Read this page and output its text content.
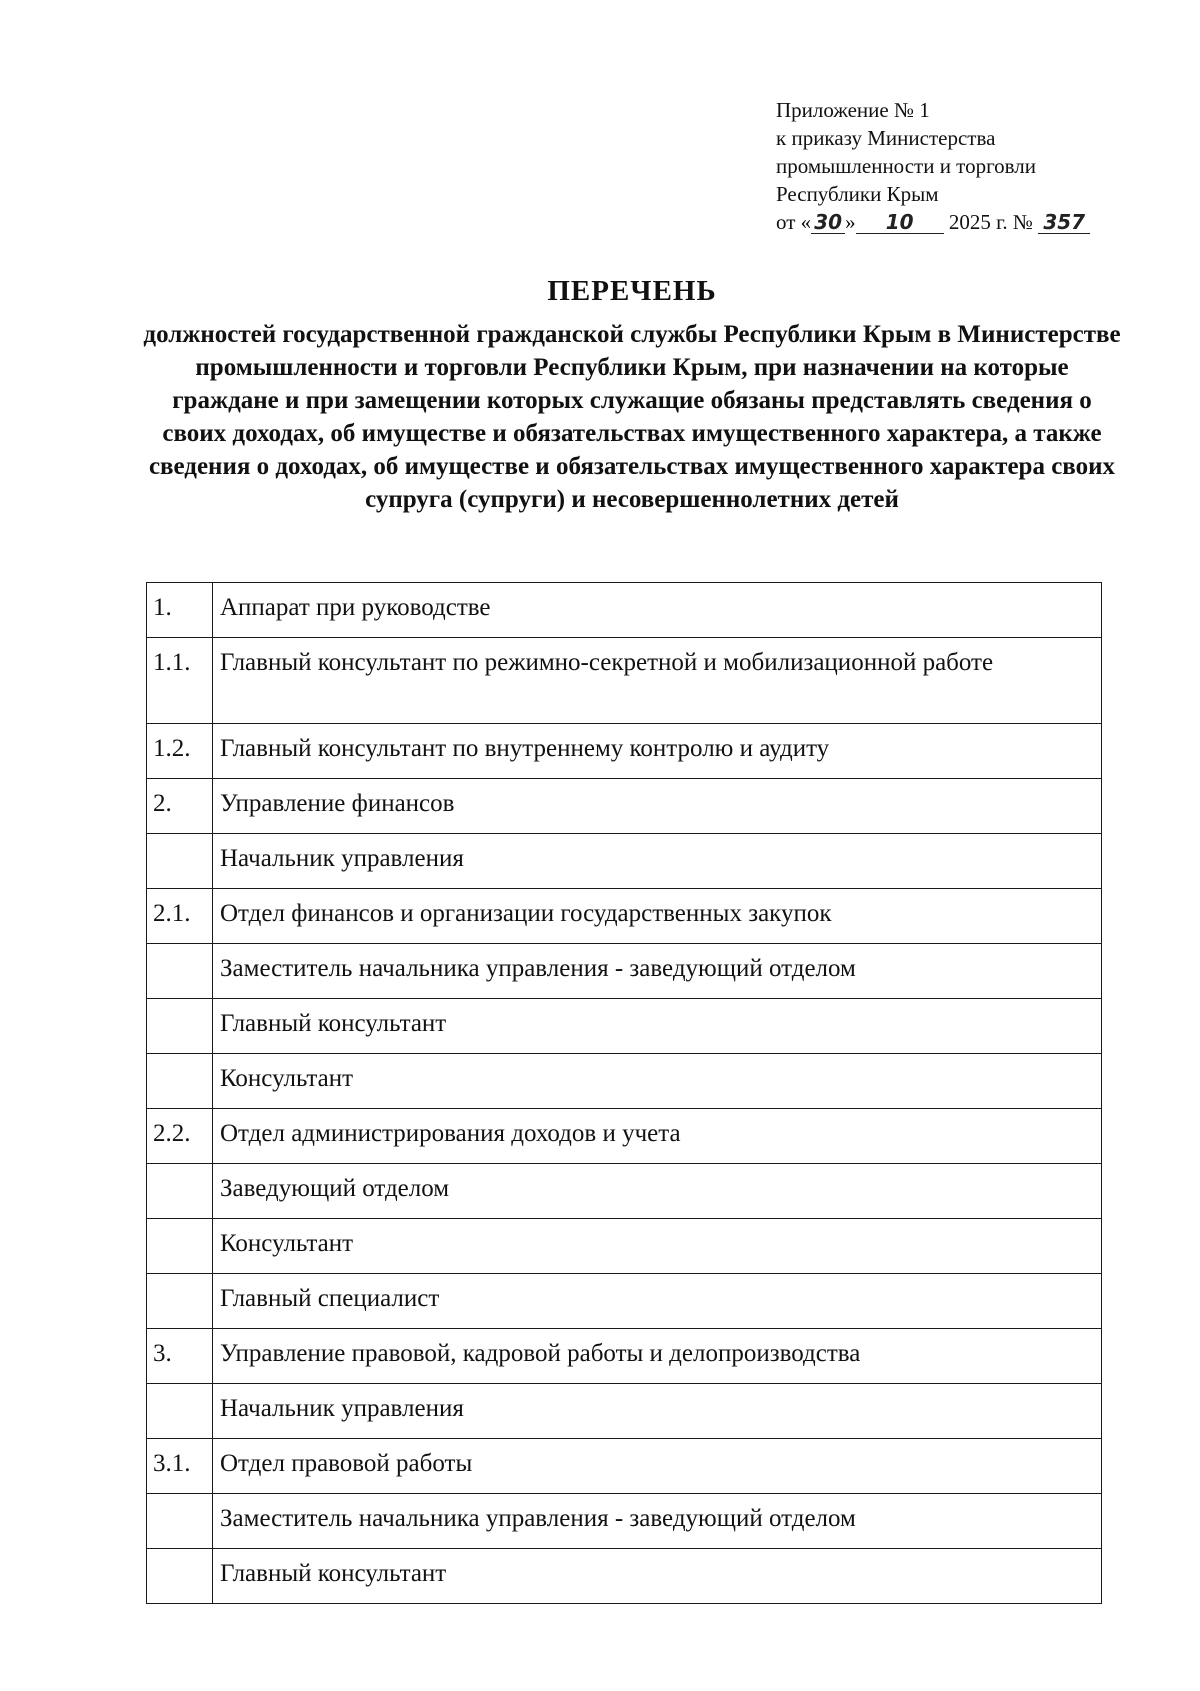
Приложение № 1
к приказу Министерства
промышленности и торговли
Республики Крым
от « 30 » 10 2025 г. № 357
ПЕРЕЧЕНЬ
должностей государственной гражданской службы Республики Крым в Министерстве промышленности и торговли Республики Крым, при назначении на которые граждане и при замещении которых служащие обязаны представлять сведения о своих доходах, об имуществе и обязательствах имущественного характера, а также сведения о доходах, об имуществе и обязательствах имущественного характера своих супруга (супруги) и несовершеннолетних детей
1.	Аппарат при руководстве
1.1.	Главный консультант по режимно-секретной и мобилизационной работе
1.2.	Главный консультант по внутреннему контролю и аудиту
2.	Управление финансов
	Начальник управления
2.1.	Отдел финансов и организации государственных закупок
	Заместитель начальника управления - заведующий отделом
	Главный консультант
	Консультант
2.2.	Отдел администрирования доходов и учета
	Заведующий отделом
	Консультант
	Главный специалист
3.	Управление правовой, кадровой работы и делопроизводства
	Начальник управления
3.1.	Отдел правовой работы
	Заместитель начальника управления - заведующий отделом
	Главный консультант
